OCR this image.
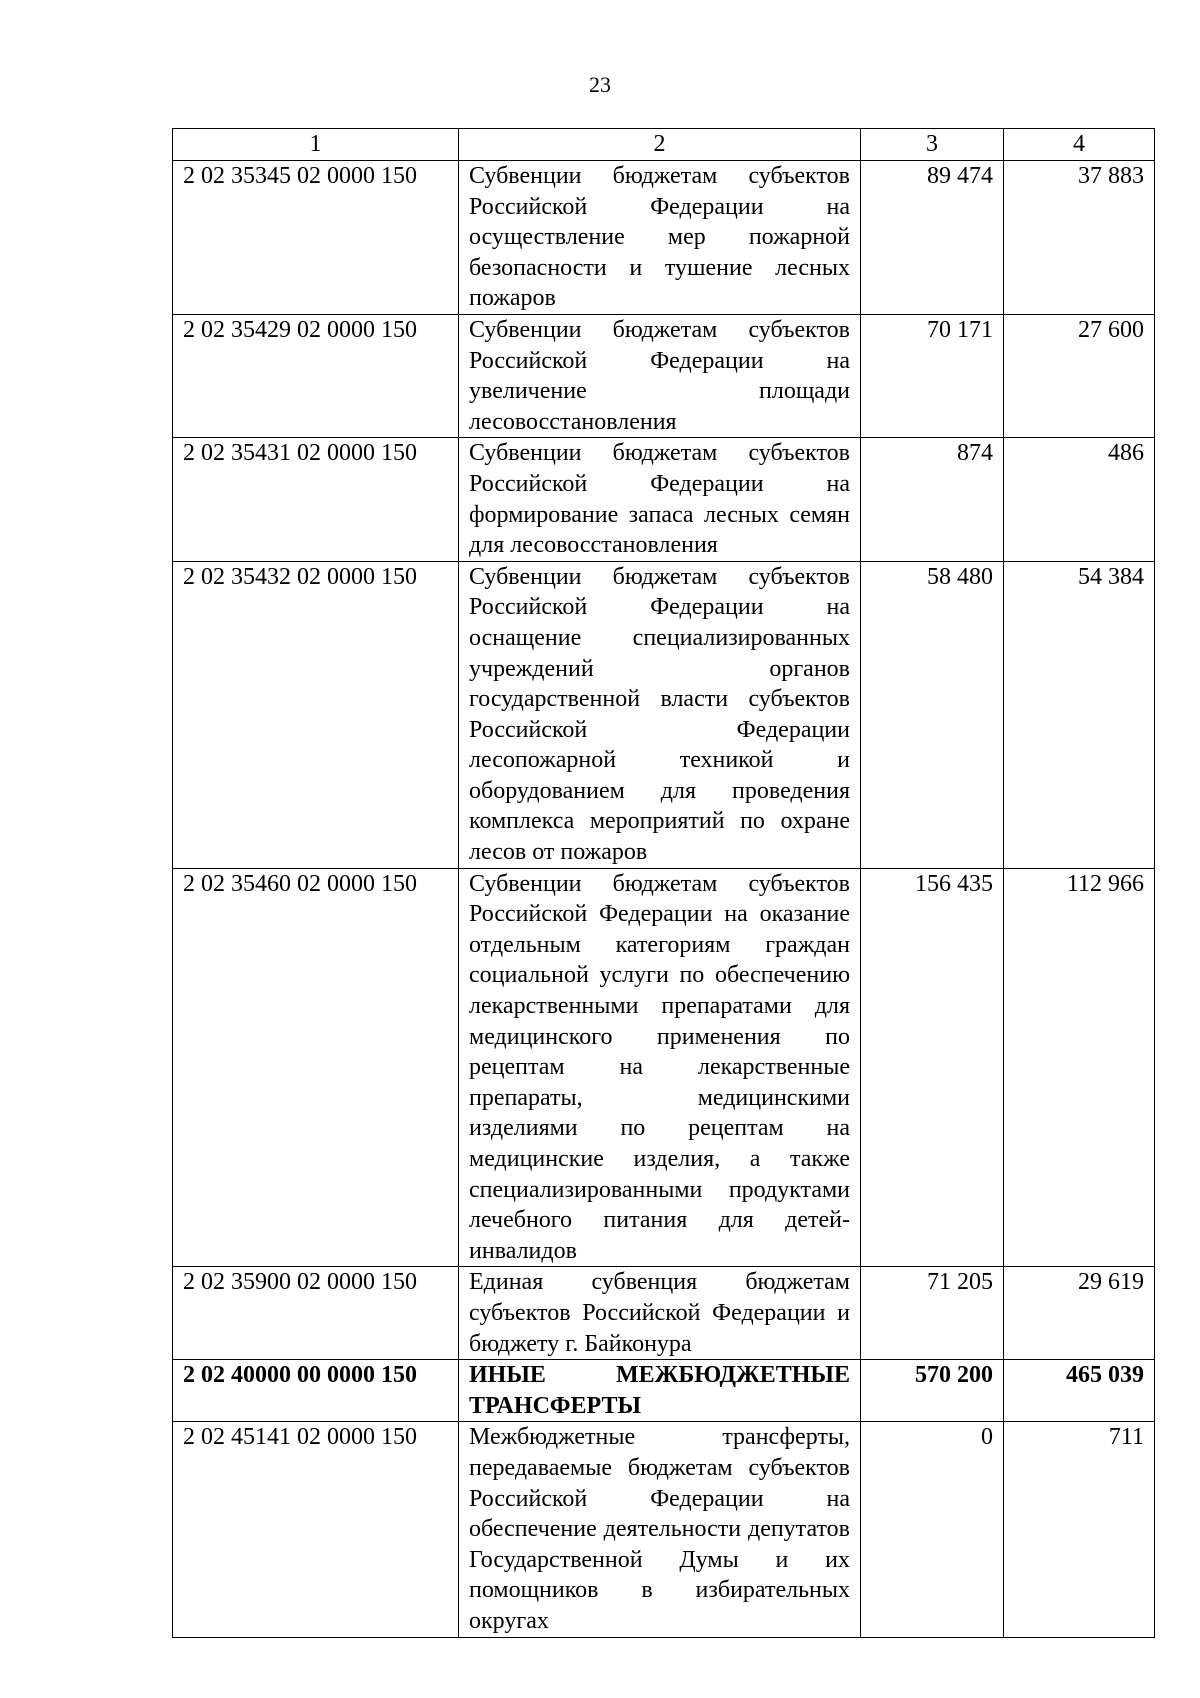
23
1	2	3	4
2 02 35345 02 0000 150	Субвенции бюджетам субъектов Российской Федерации на осуществление мер пожарной безопасности и тушение лесных пожаров	89 474	37 883
2 02 35429 02 0000 150	Субвенции бюджетам субъектов Российской Федерации на увеличение площади лесовосстановления	70 171	27 600
2 02 35431 02 0000 150	Субвенции бюджетам субъектов Российской Федерации на формирование запаса лесных семян для лесовосстановления	874	486
2 02 35432 02 0000 150	Субвенции бюджетам субъектов Российской Федерации на оснащение специализированных учреждений органов государственной власти субъектов Российской Федерации лесопожарной техникой и оборудованием для проведения комплекса мероприятий по охране лесов от пожаров	58 480	54 384
2 02 35460 02 0000 150	Субвенции бюджетам субъектов Российской Федерации на оказание отдельным категориям граждан социальной услуги по обеспечению лекарственными препаратами для медицинского применения по рецептам на лекарственные препараты, медицинскими изделиями по рецептам на медицинские изделия, а также специализированными продуктами лечебного питания для детей-инвалидов	156 435	112 966
2 02 35900 02 0000 150	Единая субвенция бюджетам субъектов Российской Федерации и бюджету г. Байконура	71 205	29 619
2 02 40000 00 0000 150	ИНЫЕ МЕЖБЮДЖЕТНЫЕ ТРАНСФЕРТЫ	570 200	465 039
2 02 45141 02 0000 150	Межбюджетные трансферты, передаваемые бюджетам субъектов Российской Федерации на обеспечение деятельности депутатов Государственной Думы и их помощников в избирательных округах	0	711
